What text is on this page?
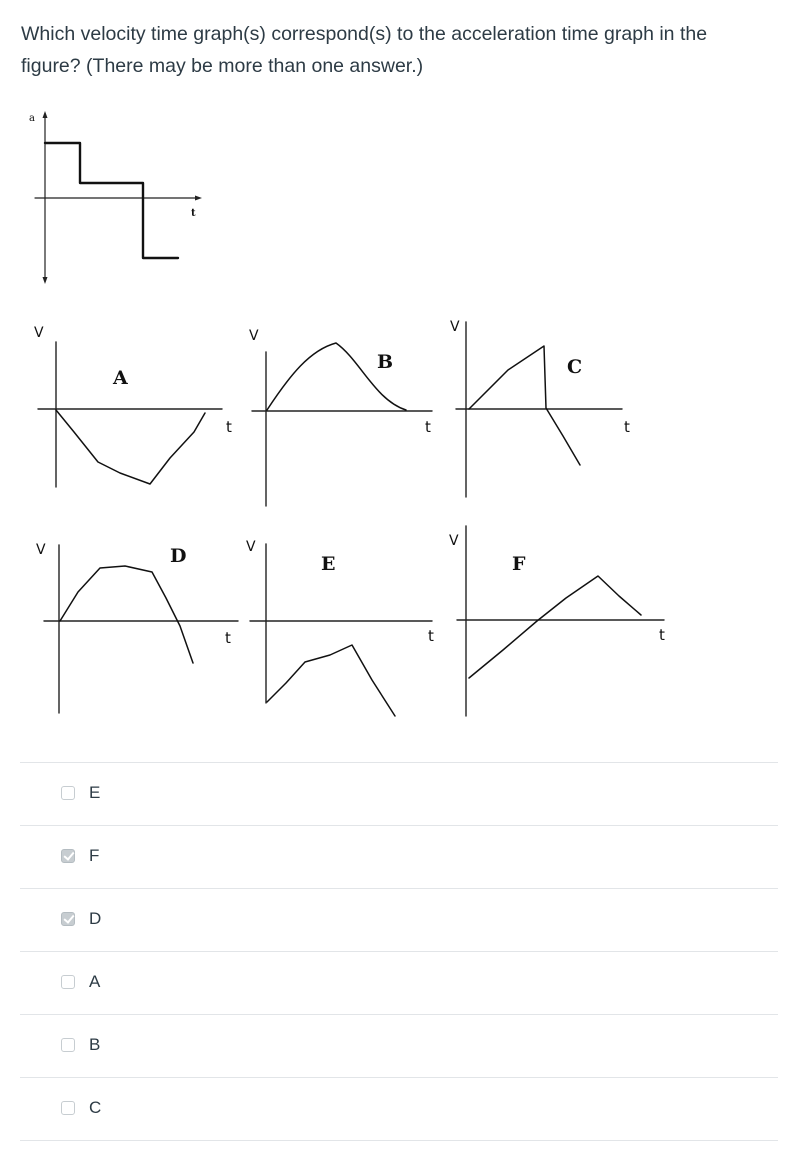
Which velocity time graph(s) correspond(s) to the acceleration time graph in the figure? (There may be more than one answer.)
a
t
A
V
t
B
V
t
C
V
t
D
V
t
E
V
t
F
V
t
E
F
D
A
B
C
